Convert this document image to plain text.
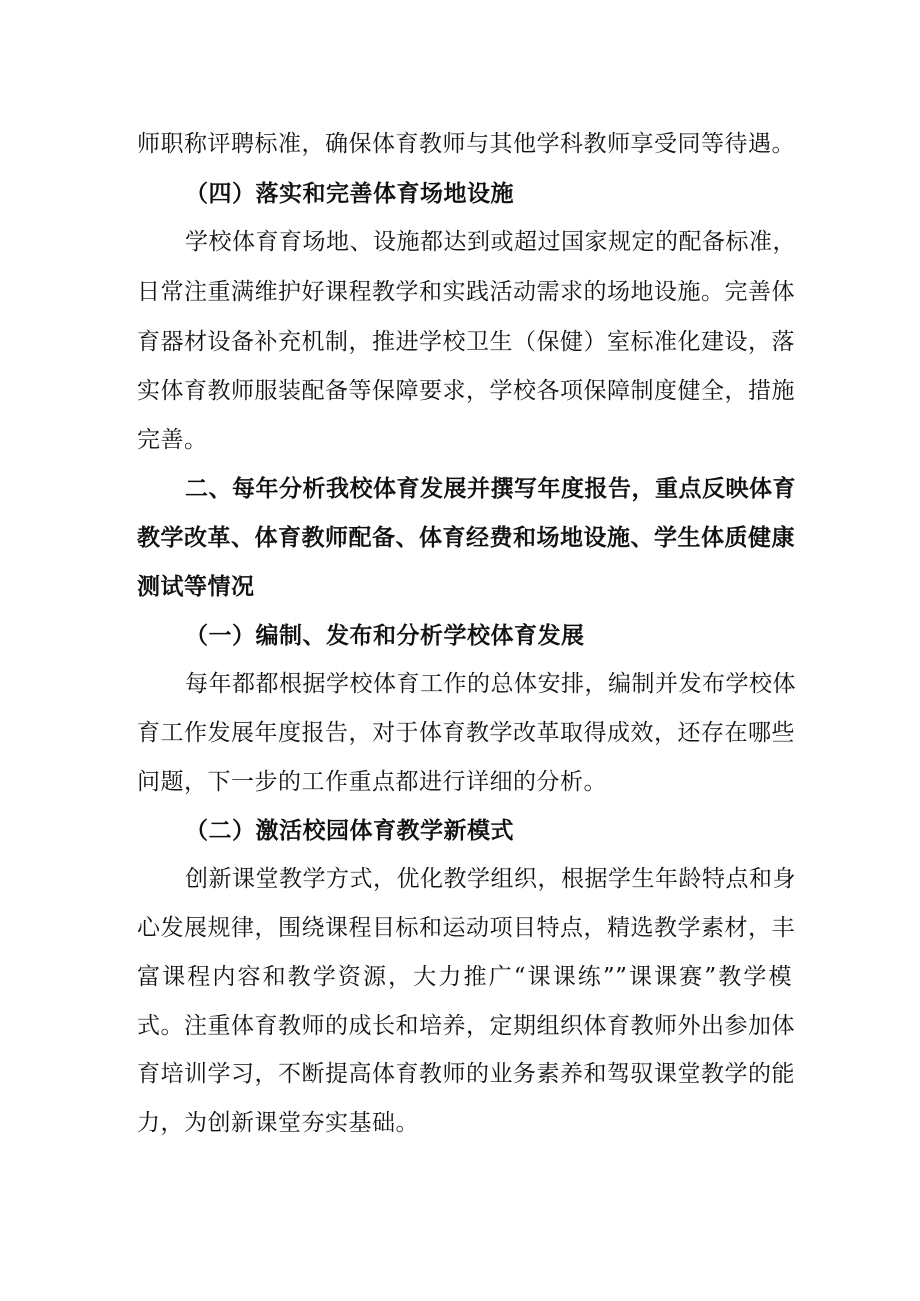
师职称评聘标准，确保体育教师与其他学科教师享受同等待遇。
（四）落实和完善体育场地设施
学校体育育场地、设施都达到或超过国家规定的配备标准，
日常注重满维护好课程教学和实践活动需求的场地设施。完善体
育器材设备补充机制，推进学校卫生（保健）室标准化建设，落
实体育教师服装配备等保障要求，学校各项保障制度健全，措施
完善。
二、每年分析我校体育发展并撰写年度报告，重点反映体育
教学改革、体育教师配备、体育经费和场地设施、学生体质健康
测试等情况
（一）编制、发布和分析学校体育发展
每年都都根据学校体育工作的总体安排，编制并发布学校体
育工作发展年度报告，对于体育教学改革取得成效，还存在哪些
问题，下一步的工作重点都进行详细的分析。
（二）激活校园体育教学新模式
创新课堂教学方式，优化教学组织，根据学生年龄特点和身
心发展规律，围绕课程目标和运动项目特点，精选教学素材，丰
富课程内容和教学资源，大力推广“课课练””课课赛”教学模
式。注重体育教师的成长和培养，定期组织体育教师外出参加体
育培训学习，不断提高体育教师的业务素养和驾驭课堂教学的能
力，为创新课堂夯实基础。
